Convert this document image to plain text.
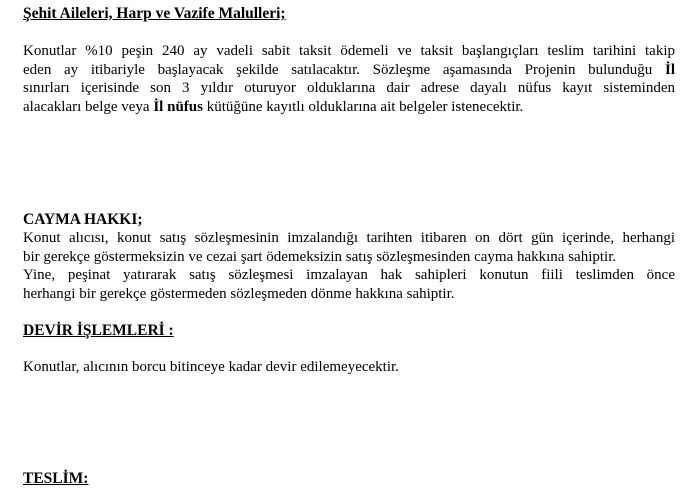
Şehit Aileleri, Harp ve Vazife Malulleri;
Konutlar %10 peşin 240 ay vadeli sabit taksit ödemeli ve taksit başlangıçları teslim tarihini takip
eden ay itibariyle başlayacak şekilde satılacaktır. Sözleşme aşamasında Projenin bulunduğu İl
sınırları içerisinde son 3 yıldır oturuyor olduklarına dair adrese dayalı nüfus kayıt sisteminden
alacakları belge veya İl nüfus kütüğüne kayıtlı olduklarına ait belgeler istenecektir.
CAYMA HAKKI;
Konut alıcısı, konut satış sözleşmesinin imzalandığı tarihten itibaren on dört gün içerinde, herhangi
bir gerekçe göstermeksizin ve cezai şart ödemeksizin satış sözleşmesinden cayma hakkına sahiptir.
Yine, peşinat yatırarak satış sözleşmesi imzalayan hak sahipleri konutun fiili teslimden önce
herhangi bir gerekçe göstermeden sözleşmeden dönme hakkına sahiptir.
DEVİR İŞLEMLERİ :
Konutlar, alıcının borcu bitinceye kadar devir edilemeyecektir.
TESLİM:
